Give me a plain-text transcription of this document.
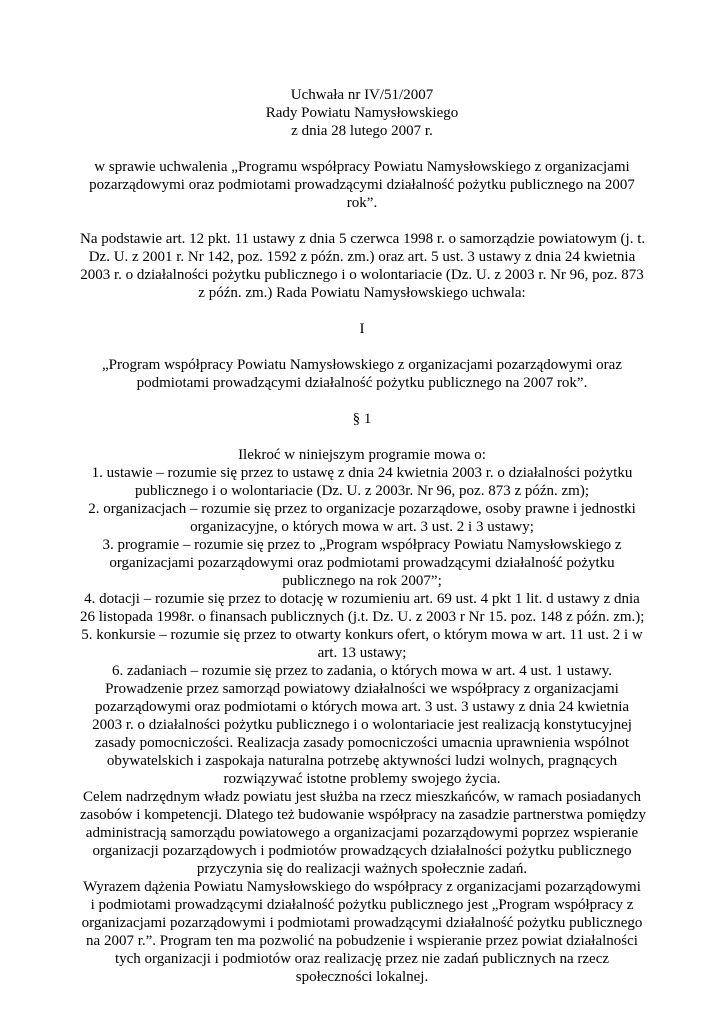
Uchwała nr IV/51/2007
Rady Powiatu Namysłowskiego
z dnia 28 lutego 2007 r.
w sprawie uchwalenia „Programu współpracy Powiatu Namysłowskiego z organizacjami
pozarządowymi oraz podmiotami prowadzącymi działalność pożytku publicznego na 2007
rok”.
Na podstawie art. 12 pkt. 11 ustawy z dnia 5 czerwca 1998 r. o samorządzie powiatowym (j. t.
Dz. U. z 2001 r. Nr 142, poz. 1592 z późn. zm.) oraz art. 5 ust. 3 ustawy z dnia 24 kwietnia
2003 r. o działalności pożytku publicznego i o wolontariacie (Dz. U. z 2003 r. Nr 96, poz. 873
z późn. zm.) Rada Powiatu Namysłowskiego uchwala:
I
„Program współpracy Powiatu Namysłowskiego z organizacjami pozarządowymi oraz
podmiotami prowadzącymi działalność pożytku publicznego na 2007 rok”.
§ 1
Ilekroć w niniejszym programie mowa o:
1. ustawie – rozumie się przez to ustawę z dnia 24 kwietnia 2003 r. o działalności pożytku
publicznego i o wolontariacie (Dz. U. z 2003r. Nr 96, poz. 873 z późn. zm);
2. organizacjach – rozumie się przez to organizacje pozarządowe, osoby prawne i jednostki
organizacyjne, o których mowa w art. 3 ust. 2 i 3 ustawy;
3. programie – rozumie się przez to „Program współpracy Powiatu Namysłowskiego z
organizacjami pozarządowymi oraz podmiotami prowadzącymi działalność pożytku
publicznego na rok 2007”;
4. dotacji – rozumie się przez to dotację w rozumieniu art. 69 ust. 4 pkt 1 lit. d ustawy z dnia
26 listopada 1998r. o finansach publicznych (j.t. Dz. U. z 2003 r Nr 15. poz. 148 z późn. zm.);
5. konkursie – rozumie się przez to otwarty konkurs ofert, o którym mowa w art. 11 ust. 2 i w
art. 13 ustawy;
6. zadaniach – rozumie się przez to zadania, o których mowa w art. 4 ust. 1 ustawy.
Prowadzenie przez samorząd powiatowy działalności we współpracy z organizacjami
pozarządowymi oraz podmiotami o których mowa art. 3 ust. 3 ustawy z dnia 24 kwietnia
2003 r. o działalności pożytku publicznego i o wolontariacie jest realizacją konstytucyjnej
zasady pomocniczości. Realizacja zasady pomocniczości umacnia uprawnienia wspólnot
obywatelskich i zaspokaja naturalna potrzebę aktywności ludzi wolnych, pragnących
rozwiązywać istotne problemy swojego życia.
Celem nadrzędnym władz powiatu jest służba na rzecz mieszkańców, w ramach posiadanych
zasobów i kompetencji. Dlatego też budowanie współpracy na zasadzie partnerstwa pomiędzy
administracją samorządu powiatowego a organizacjami pozarządowymi poprzez wspieranie
organizacji pozarządowych i podmiotów prowadzących działalności pożytku publicznego
przyczynia się do realizacji ważnych społecznie zadań.
Wyrazem dążenia Powiatu Namysłowskiego do współpracy z organizacjami pozarządowymi
i podmiotami prowadzącymi działalność pożytku publicznego jest „Program współpracy z
organizacjami pozarządowymi i podmiotami prowadzącymi działalność pożytku publicznego
na 2007 r.”. Program ten ma pozwolić na pobudzenie i wspieranie przez powiat działalności
tych organizacji i podmiotów oraz realizację przez nie zadań publicznych na rzecz
społeczności lokalnej.
